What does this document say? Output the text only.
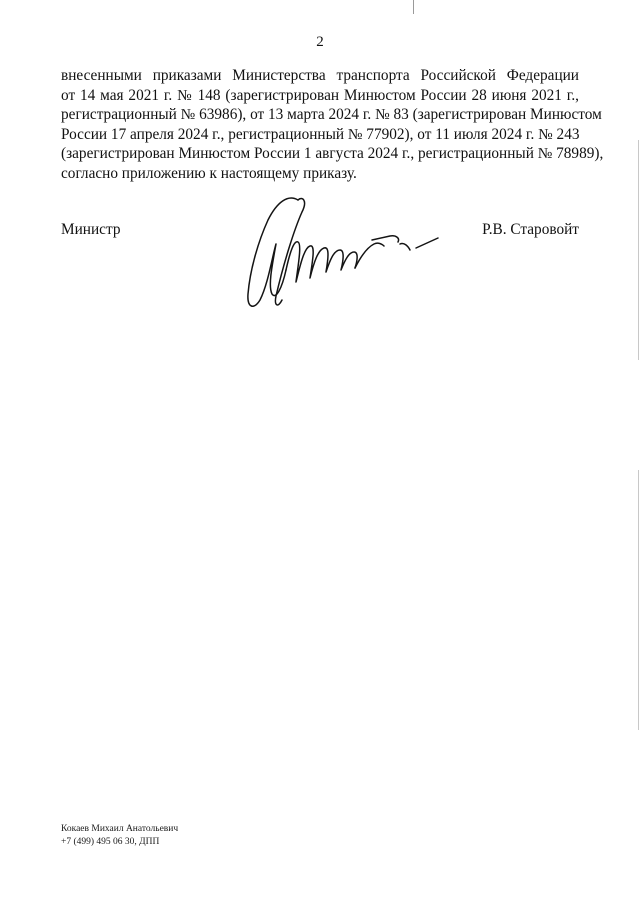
2
внесенными приказами Министерства транспорта Российской Федерации
от 14 мая 2021 г. № 148 (зарегистрирован Минюстом России 28 июня 2021 г.,
регистрационный № 63986), от 13 марта 2024 г. № 83 (зарегистрирован Минюстом
России 17 апреля 2024 г., регистрационный № 77902), от 11 июля 2024 г. № 243
(зарегистрирован Минюстом России 1 августа 2024 г., регистрационный № 78989),
согласно приложению к настоящему приказу.
Министр	Р.В. Старовойт
Кокаев Михаил Анатольевич
+7 (499) 495 06 30, ДПП
